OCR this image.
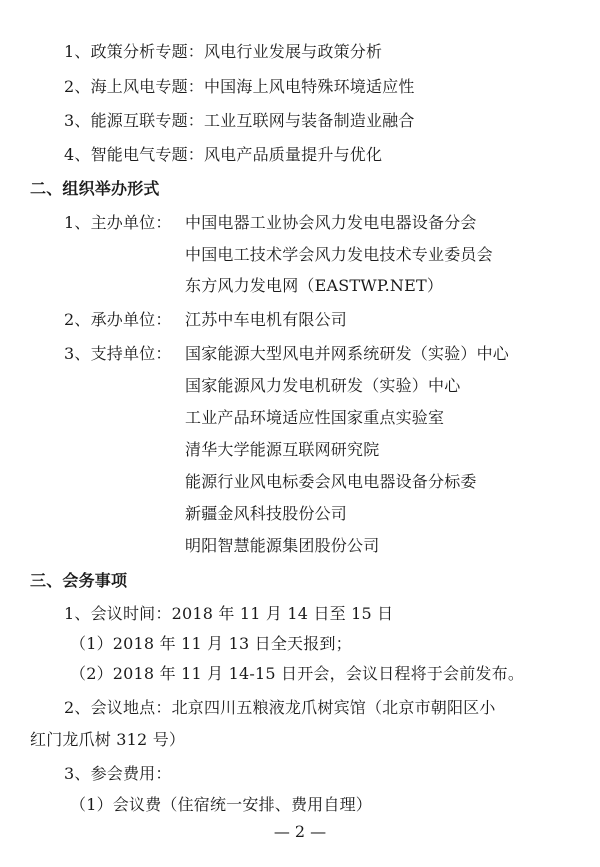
1、政策分析专题：风电行业发展与政策分析
2、海上风电专题：中国海上风电特殊环境适应性
3、能源互联专题：工业互联网与装备制造业融合
4、智能电气专题：风电产品质量提升与优化
二、组织举办形式
1、主办单位： 中国电器工业协会风力发电电器设备分会
中国电工技术学会风力发电技术专业委员会
东方风力发电网（EASTWP.NET）
2、承办单位： 江苏中车电机有限公司
3、支持单位： 国家能源大型风电并网系统研发（实验）中心
国家能源风力发电机研发（实验）中心
工业产品环境适应性国家重点实验室
清华大学能源互联网研究院
能源行业风电标委会风电电器设备分标委
新疆金风科技股份公司
明阳智慧能源集团股份公司
三、会务事项
1、会议时间：2018 年 11 月 14 日至 15 日
（1）2018 年 11 月 13 日全天报到；
（2）2018 年 11 月 14-15 日开会，会议日程将于会前发布。
2、会议地点：北京四川五粮液龙爪树宾馆（北京市朝阳区小
红门龙爪树 312 号）
3、参会费用：
（1）会议费（住宿统一安排、费用自理）
— 2 —
